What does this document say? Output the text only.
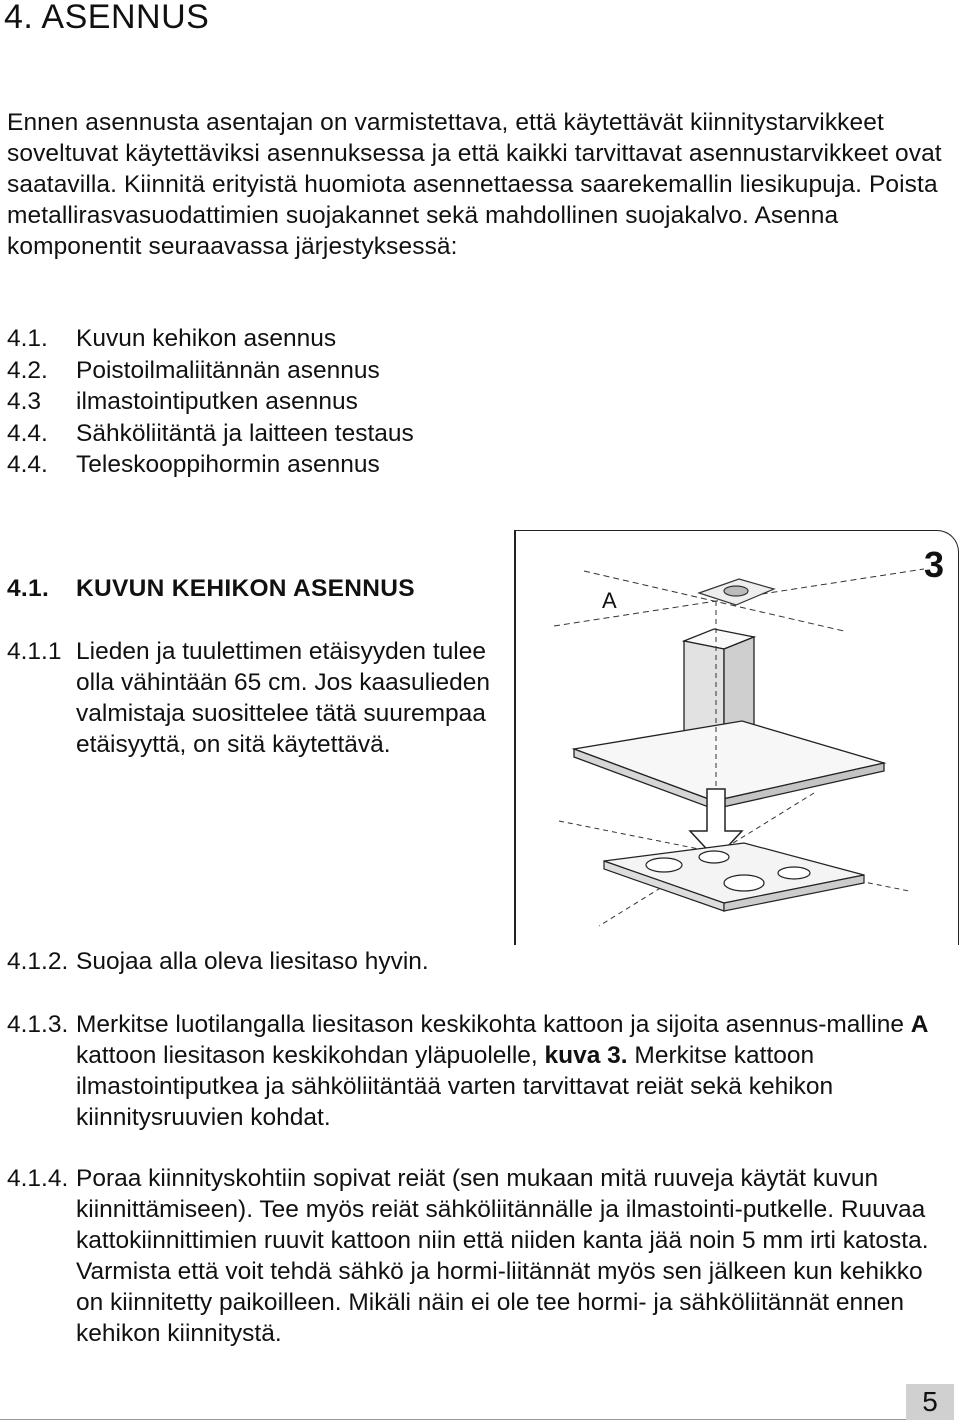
4. ASENNUS
Ennen asennusta asentajan on varmistettava, että käytettävät kiinnitystarvikkeet soveltuvat käytettäviksi asennuksessa ja että kaikki tarvittavat asennustarvikkeet ovat saatavilla. Kiinnitä erityistä huomiota asennettaessa saarekemallin liesikupuja. Poista metallirasvasuodattimien suojakannet sekä mahdollinen suojakalvo. Asenna komponentit seuraavassa järjestyksessä:
4.1. Kuvun kehikon asennus
4.2. Poistoilmaliitännän asennus
4.3 ilmastointiputken asennus
4.4. Sähköliitäntä ja laitteen testaus
4.4. Teleskooppihormin asennus
4.1. KUVUN KEHIKON ASENNUS
4.1.1 Lieden ja tuulettimen etäisyyden tulee olla vähintään 65 cm. Jos kaasulieden valmistaja suosittelee tätä suurempaa etäisyyttä, on sitä käytettävä.
A
3
4.1.2. Suojaa alla oleva liesitaso hyvin.
4.1.3. Merkitse luotilangalla liesitason keskikohta kattoon ja sijoita asennus-malline A kattoon liesitason keskikohdan yläpuolelle, kuva 3. Merkitse kattoon ilmastointiputkea ja sähköliitäntää varten tarvittavat reiät sekä kehikon kiinnitysruuvien kohdat.
4.1.4. Poraa kiinnityskohtiin sopivat reiät (sen mukaan mitä ruuveja käytät kuvun kiinnittämiseen). Tee myös reiät sähköliitännälle ja ilmastointi-putkelle. Ruuvaa kattokiinnittimien ruuvit kattoon niin että niiden kanta jää noin 5 mm irti katosta. Varmista että voit tehdä sähkö ja hormi-liitännät myös sen jälkeen kun kehikko on kiinnitetty paikoilleen. Mikäli näin ei ole tee hormi- ja sähköliitännät ennen kehikon kiinnitystä.
5
